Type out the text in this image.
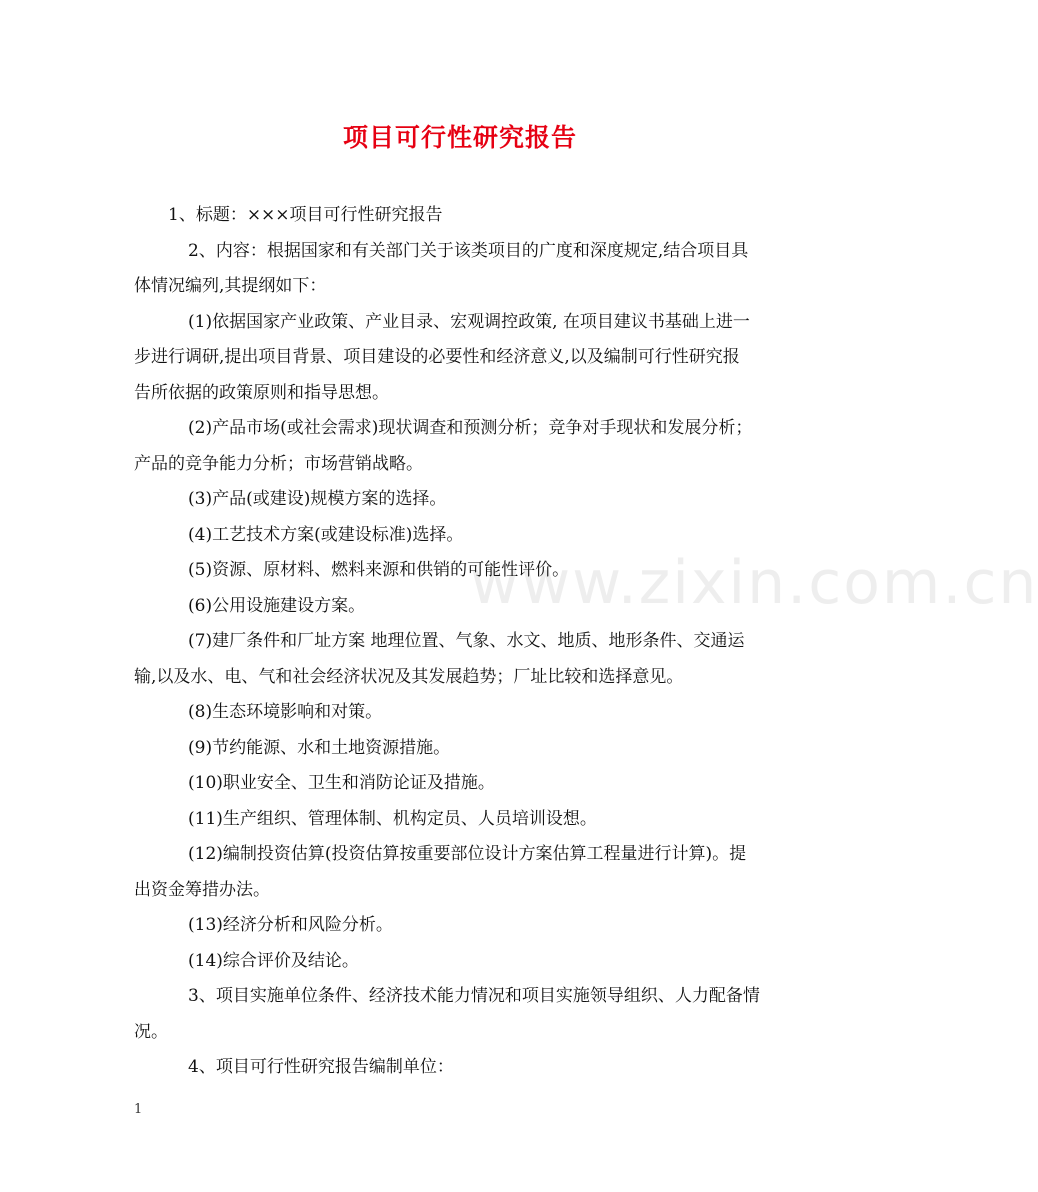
项目可行性研究报告
www.zixin.com.cn
1、标题：×××项目可行性研究报告
2、内容：根据国家和有关部门关于该类项目的广度和深度规定,结合项目具
体情况编列,其提纲如下：
(1)依据国家产业政策、产业目录、宏观调控政策, 在项目建议书基础上进一
步进行调研,提出项目背景、项目建设的必要性和经济意义,以及编制可行性研究报
告所依据的政策原则和指导思想。
(2)产品市场(或社会需求)现状调查和预测分析；竞争对手现状和发展分析；
产品的竞争能力分析；市场营销战略。
(3)产品(或建设)规模方案的选择。
(4)工艺技术方案(或建设标准)选择。
(5)资源、原材料、燃料来源和供销的可能性评价。
(6)公用设施建设方案。
(7)建厂条件和厂址方案 地理位置、气象、水文、地质、地形条件、交通运
输,以及水、电、气和社会经济状况及其发展趋势；厂址比较和选择意见。
(8)生态环境影响和对策。
(9)节约能源、水和土地资源措施。
(10)职业安全、卫生和消防论证及措施。
(11)生产组织、管理体制、机构定员、人员培训设想。
(12)编制投资估算(投资估算按重要部位设计方案估算工程量进行计算)。提
出资金筹措办法。
(13)经济分析和风险分析。
(14)综合评价及结论。
3、项目实施单位条件、经济技术能力情况和项目实施领导组织、人力配备情
况。
4、项目可行性研究报告编制单位：
1
